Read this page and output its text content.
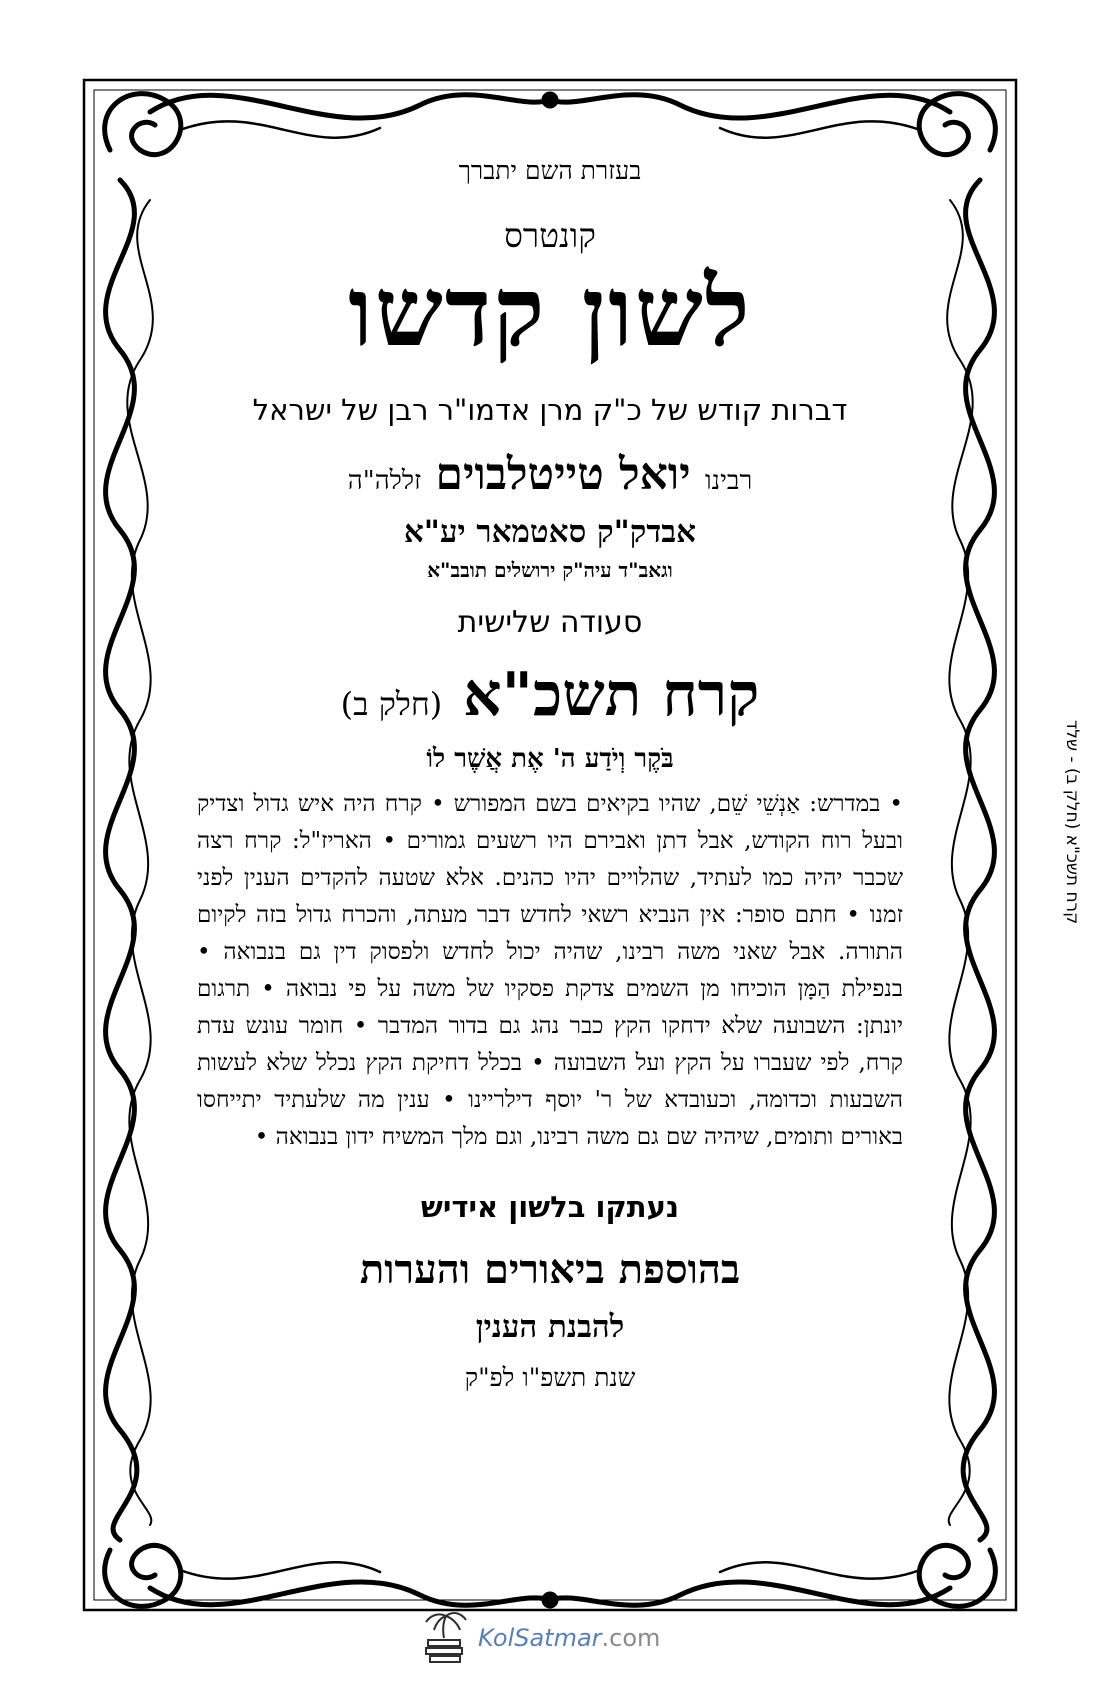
בעזרת השם יתברך

קונטרס

לשון קדשו

דברות קודש של כ"ק מרן אדמו"ר רבן של ישראל

רבינו יואל טייטלבוים זללה"ה

אבדק"ק סאטמאר יע"א

וגאב"ד עיה"ק ירושלים תובב"א

סעודה שלישית

קרח תשכ"א (חלק ב)

בֹּקֶר וְיֹדַע ה' אֶת אֲשֶׁר לוֹ

• במדרש: אַנְשֵׁי שֵׁם, שהיו בקיאים בשם המפורש • קרח היה איש גדול וצדיק ובעל רוח הקודש, אבל דתן ואבירם היו רשעים גמורים • האריז"ל: קרח רצה שכבר יהיה כמו לעתיד, שהלויים יהיו כהנים. אלא שטעה להקדים הענין לפני זמנו • חתם סופר: אין הנביא רשאי לחדש דבר מעתה, והכרח גדול בזה לקיום התורה. אבל שאני משה רבינו, שהיה יכול לחדש ולפסוק דין גם בנבואה • בנפילת הַמָּן הוכיחו מן השמים צדקת פסקיו של משה על פי נבואה • תרגום יונתן: השבועה שלא ידחקו הקץ כבר נהג גם בדור המדבר • חומר עונש עדת קרח, לפי שעברו על הקץ ועל השבועה • בכלל דחיקת הקץ נכלל שלא לעשות השבעות וכדומה, וכעובדא של ר' יוסף דילריינו • ענין מה שלעתיד יתייחסו באורים ותומים, שיהיה שם גם משה רבינו, וגם מלך המשיח ידון בנבואה •

נעתקו בלשון אידיש

בהוספת ביאורים והערות

להבנת הענין

שנת תשפ"ו לפ"ק

קרח תשכ"א (חלק ב) - שלד
KolSatmar.com
